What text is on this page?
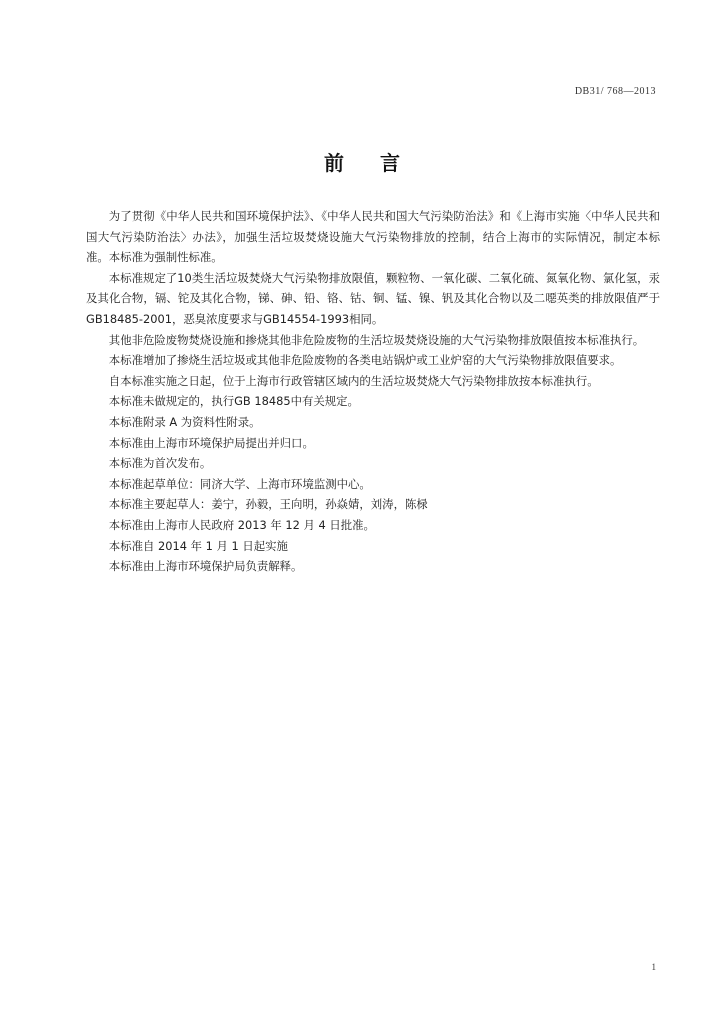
DB31/ 768—2013
前言

为了贯彻《中华人民共和国环境保护法》、《中华人民共和国大气污染防治法》和《上海市实施〈中华人民共和国大气污染防治法〉办法》，加强生活垃圾焚烧设施大气污染物排放的控制，结合上海市的实际情况，制定本标准。本标准为强制性标准。

本标准规定了10类生活垃圾焚烧大气污染物排放限值，颗粒物、一氧化碳、二氧化硫、氮氧化物、氯化氢，汞及其化合物，镉、铊及其化合物，锑、砷、铅、铬、钴、铜、锰、镍、钒及其化合物以及二噁英类的排放限值严于GB18485-2001，恶臭浓度要求与GB14554-1993相同。

其他非危险废物焚烧设施和掺烧其他非危险废物的生活垃圾焚烧设施的大气污染物排放限值按本标准执行。

本标准增加了掺烧生活垃圾或其他非危险废物的各类电站锅炉或工业炉窑的大气污染物排放限值要求。

自本标准实施之日起，位于上海市行政管辖区域内的生活垃圾焚烧大气污染物排放按本标准执行。

本标准未做规定的，执行GB 18485中有关规定。

本标准附录 A 为资料性附录。

本标准由上海市环境保护局提出并归口。

本标准为首次发布。

本标准起草单位：同济大学、上海市环境监测中心。

本标准主要起草人：姜宁，孙毅，王向明，孙焱婧，刘涛，陈椂

本标准由上海市人民政府 2013 年 12 月 4 日批准。

本标准自 2014 年 1 月 1 日起实施

本标准由上海市环境保护局负责解释。

1
